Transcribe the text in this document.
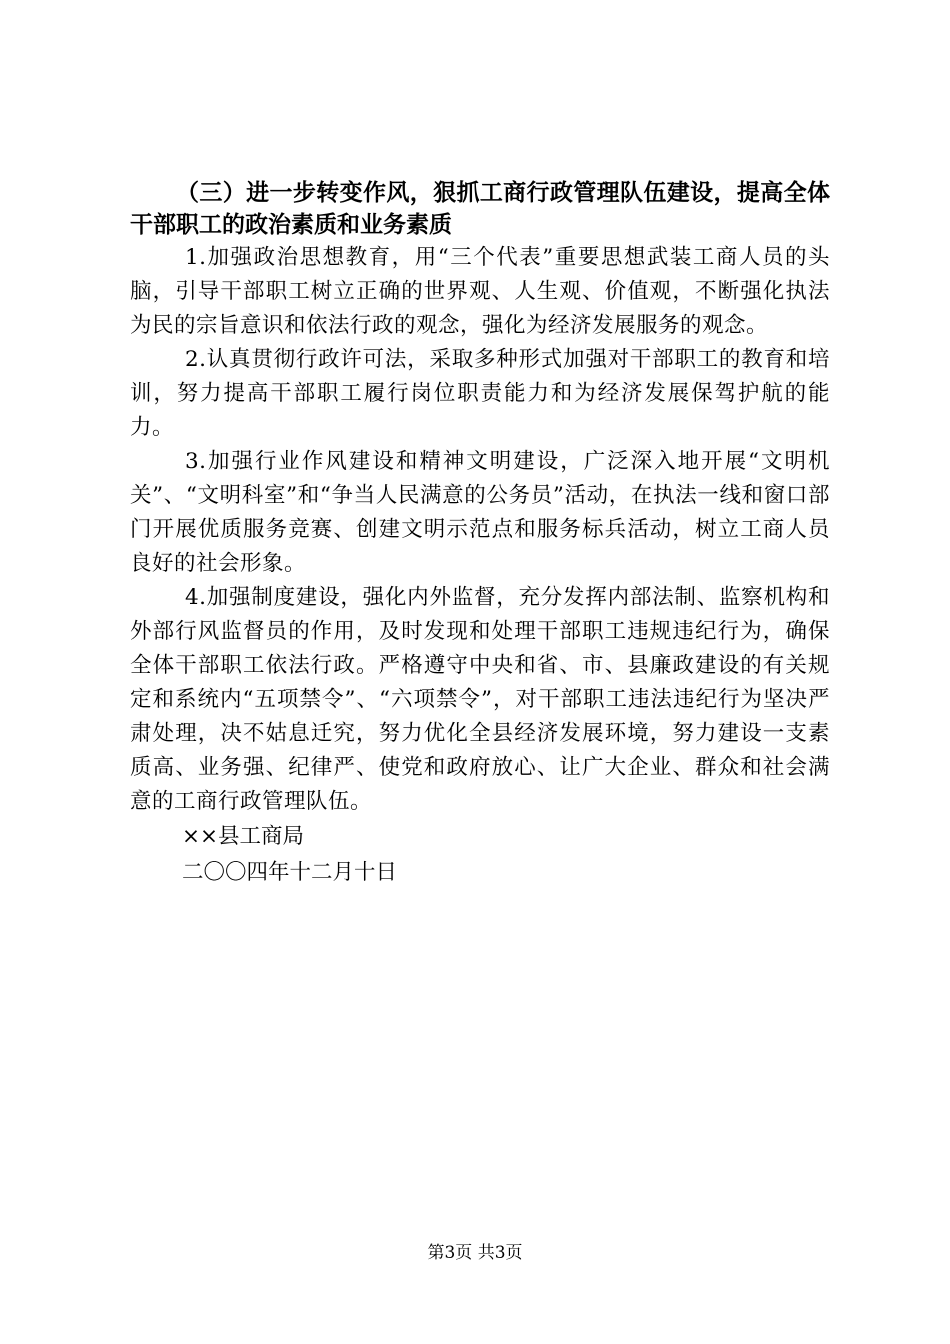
（三）进一步转变作风，狠抓工商行政管理队伍建设，提高全体干部职工的政治素质和业务素质

1.加强政治思想教育，用“三个代表”重要思想武装工商人员的头脑，引导干部职工树立正确的世界观、人生观、价值观，不断强化执法为民的宗旨意识和依法行政的观念，强化为经济发展服务的观念。

2.认真贯彻行政许可法，采取多种形式加强对干部职工的教育和培训，努力提高干部职工履行岗位职责能力和为经济发展保驾护航的能力。

3.加强行业作风建设和精神文明建设，广泛深入地开展“文明机关”、“文明科室”和“争当人民满意的公务员”活动，在执法一线和窗口部门开展优质服务竞赛、创建文明示范点和服务标兵活动，树立工商人员良好的社会形象。

4.加强制度建设，强化内外监督，充分发挥内部法制、监察机构和外部行风监督员的作用，及时发现和处理干部职工违规违纪行为，确保全体干部职工依法行政。严格遵守中央和省、市、县廉政建设的有关规定和系统内“五项禁令”、“六项禁令”，对干部职工违法违纪行为坚决严肃处理，决不姑息迁究，努力优化全县经济发展环境，努力建设一支素质高、业务强、纪律严、使党和政府放心、让广大企业、群众和社会满意的工商行政管理队伍。

××县工商局

二〇〇四年十二月十日

第3页 共3页
